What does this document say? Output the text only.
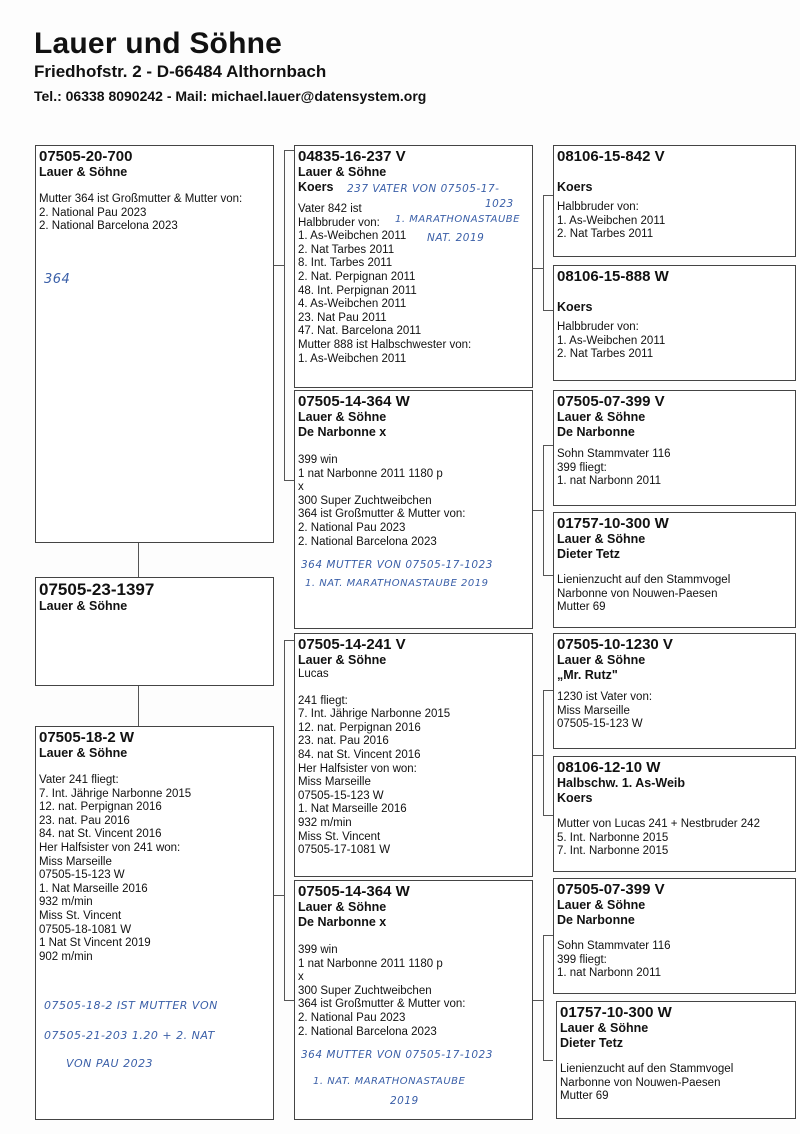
Lauer und Söhne
Friedhofstr. 2 - D-66484 Althornbach
Tel.: 06338 8090242 - Mail: michael.lauer@datensystem.org
07505-23-1397
Lauer & Söhne
07505-20-700
Lauer & Söhne
Mutter 364 ist Großmutter & Mutter von:
2. National Pau 2023
2. National Barcelona 2023
364
07505-18-2 W
Lauer & Söhne
Vater 241 fliegt:
7. Int. Jährige Narbonne 2015
12. nat. Perpignan 2016
23. nat. Pau 2016
84. nat St. Vincent 2016
Her Halfsister von 241 won:
Miss Marseille
07505-15-123 W
1. Nat Marseille 2016
932 m/min
Miss St. Vincent
07505-18-1081 W
1 Nat St Vincent 2019
902 m/min
07505-18-2 IST MUTTER VON
07505-21-203 1.20 + 2. NAT
VON PAU 2023
04835-16-237 V
Lauer & Söhne
Koers
Vater 842 ist
Halbbruder von:
1. As-Weibchen 2011
2. Nat Tarbes 2011
8. Int. Tarbes 2011
2. Nat. Perpignan 2011
48. Int. Perpignan 2011
4. As-Weibchen 2011
23. Nat Pau 2011
47. Nat. Barcelona 2011
Mutter 888 ist Halbschwester von:
1. As-Weibchen 2011
237 VATER VON 07505-17-
1023
1. MARATHONASTAUBE
NAT. 2019
07505-14-364 W
Lauer & Söhne
De Narbonne x
399 win
1 nat Narbonne 2011 1180 p
x
300 Super Zuchtweibchen
364 ist Großmutter & Mutter von:
2. National Pau 2023
2. National Barcelona 2023
364 MUTTER VON 07505-17-1023
1. NAT. MARATHONASTAUBE 2019
07505-14-241 V
Lauer & Söhne
Lucas
241 fliegt:
7. Int. Jährige Narbonne 2015
12. nat. Perpignan 2016
23. nat. Pau 2016
84. nat St. Vincent 2016
Her Halfsister von won:
Miss Marseille
07505-15-123 W
1. Nat Marseille 2016
932 m/min
Miss St. Vincent
07505-17-1081 W
07505-14-364 W
Lauer & Söhne
De Narbonne x
399 win
1 nat Narbonne 2011 1180 p
x
300 Super Zuchtweibchen
364 ist Großmutter & Mutter von:
2. National Pau 2023
2. National Barcelona 2023
364 MUTTER VON 07505-17-1023
1. NAT. MARATHONASTAUBE
2019
08106-15-842 V
Koers
Halbbruder von:
1. As-Weibchen 2011
2. Nat Tarbes 2011
08106-15-888 W
Koers
Halbbruder von:
1. As-Weibchen 2011
2. Nat Tarbes 2011
07505-07-399 V
Lauer & Söhne
De Narbonne
Sohn Stammvater 116
399 fliegt:
1. nat Narbonn 2011
01757-10-300 W
Lauer & Söhne
Dieter Tetz
Lienienzucht auf den Stammvogel
Narbonne von Nouwen-Paesen
Mutter 69
07505-10-1230 V
Lauer & Söhne
„Mr. Rutz"
1230 ist Vater von:
Miss Marseille
07505-15-123 W
08106-12-10 W
Halbschw. 1. As-Weib
Koers
Mutter von Lucas 241 + Nestbruder 242
5. Int. Narbonne 2015
7. Int. Narbonne 2015
07505-07-399 V
Lauer & Söhne
De Narbonne
Sohn Stammvater 116
399 fliegt:
1. nat Narbonn 2011
01757-10-300 W
Lauer & Söhne
Dieter Tetz
Lienienzucht auf den Stammvogel
Narbonne von Nouwen-Paesen
Mutter 69
